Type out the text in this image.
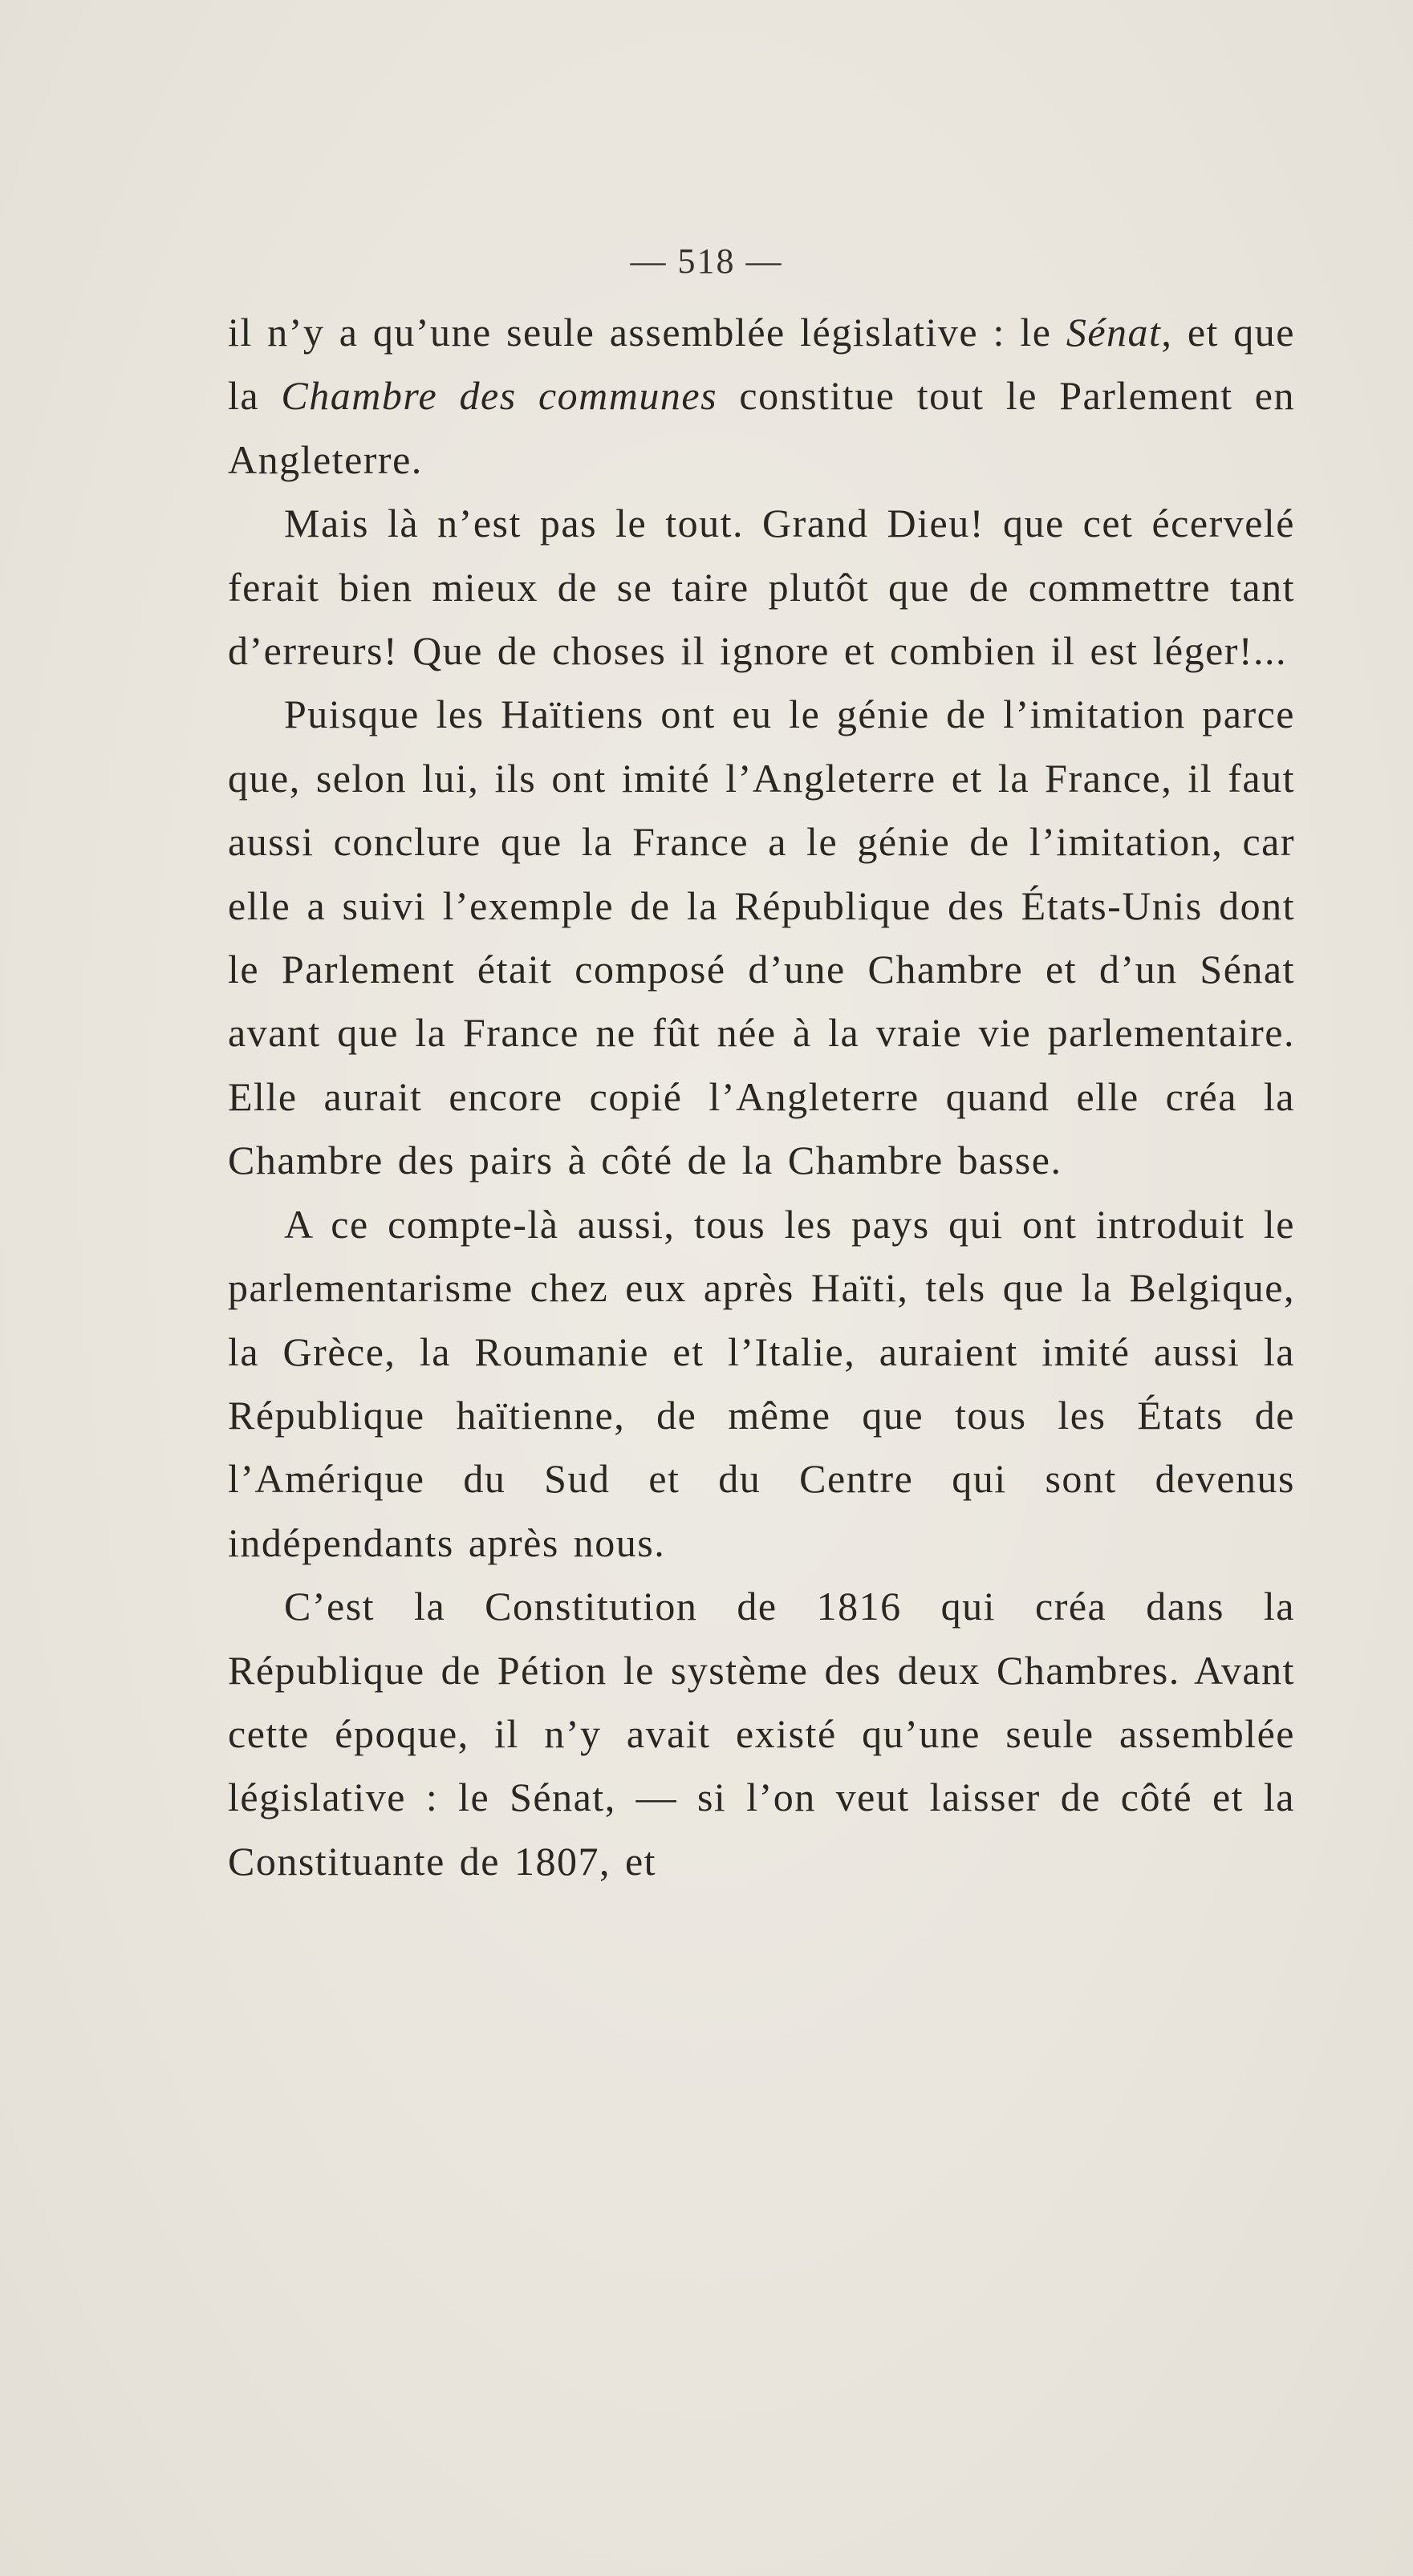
— 518 —

il n’y a qu’une seule assemblée législative : le Sénat, et que la Chambre des communes constitue tout le Parlement en Angleterre.

Mais là n’est pas le tout. Grand Dieu! que cet écervelé ferait bien mieux de se taire plutôt que de commettre tant d’erreurs! Que de choses il ignore et combien il est léger!...

Puisque les Haïtiens ont eu le génie de l’imitation parce que, selon lui, ils ont imité l’Angleterre et la France, il faut aussi conclure que la France a le génie de l’imitation, car elle a suivi l’exemple de la République des États-Unis dont le Parlement était composé d’une Chambre et d’un Sénat avant que la France ne fût née à la vraie vie parlementaire. Elle aurait encore copié l’Angleterre quand elle créa la Chambre des pairs à côté de la Chambre basse.

A ce compte-là aussi, tous les pays qui ont introduit le parlementarisme chez eux après Haïti, tels que la Belgique, la Grèce, la Roumanie et l’Italie, auraient imité aussi la République haïtienne, de même que tous les États de l’Amérique du Sud et du Centre qui sont devenus indépendants après nous.

C’est la Constitution de 1816 qui créa dans la République de Pétion le système des deux Chambres. Avant cette époque, il n’y avait existé qu’une seule assemblée législative : le Sénat, — si l’on veut laisser de côté et la Constituante de 1807, et
